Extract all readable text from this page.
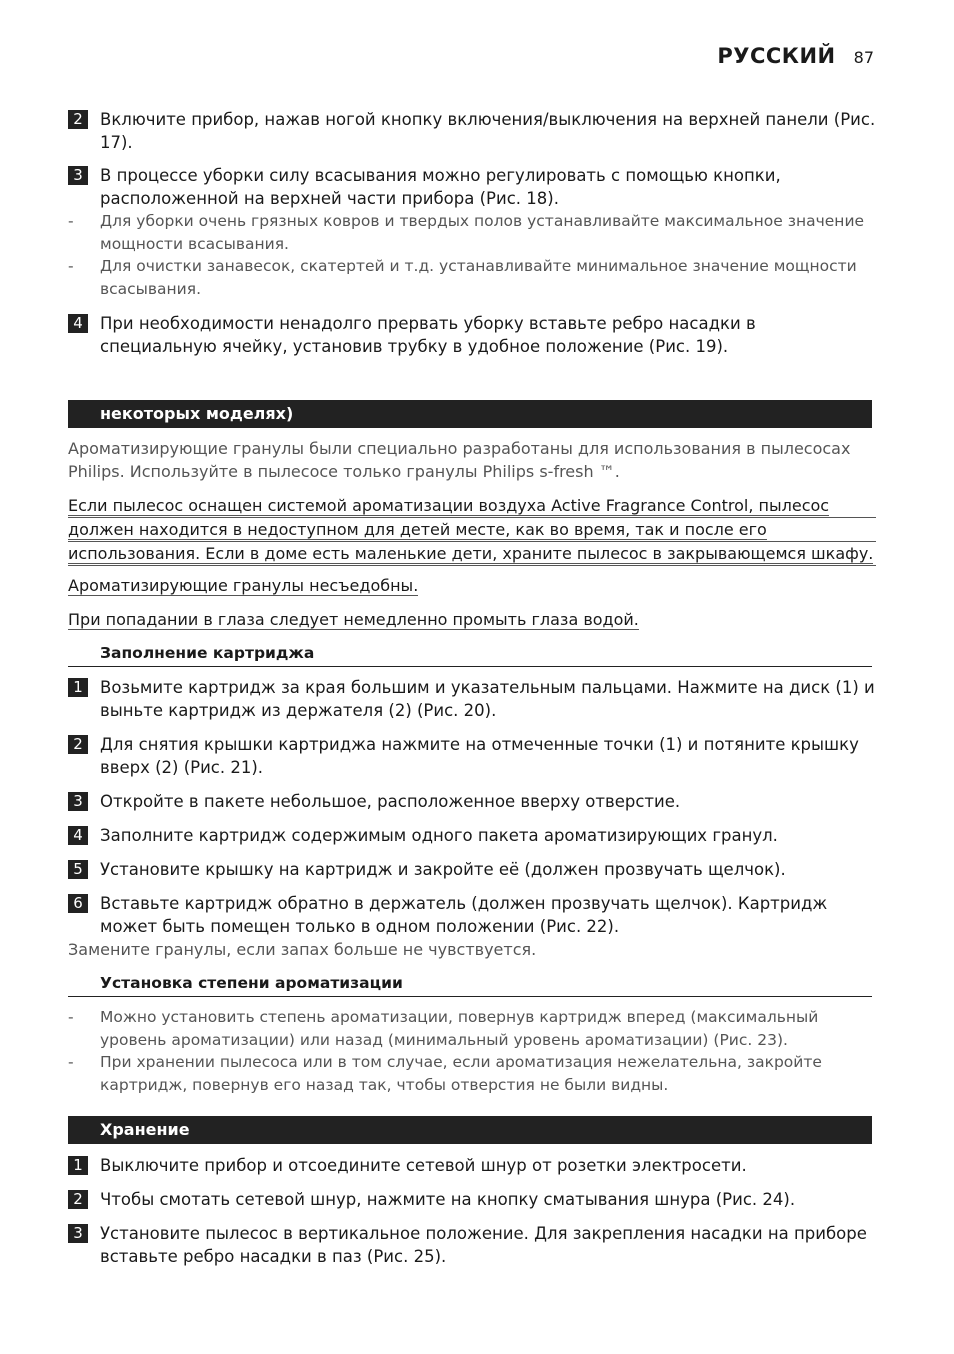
РУССКИЙ 87
2	Включите прибор, нажав ногой кнопку включения/выключения на верхней панели (Рис. 17).
3	В процессе уборки силу всасывания можно регулировать с помощью кнопки, расположенной на верхней части прибора (Рис. 18).
-	Для уборки очень грязных ковров и твердых полов устанавливайте максимальное значение мощности всасывания.
-	Для очистки занавесок, скатертей и т.д. устанавливайте минимальное значение мощности всасывания.
4	При необходимости ненадолго прервать уборку вставьте ребро насадки в специальную ячейку, установив трубку в удобное положение (Рис. 19).
некоторых моделях)
Ароматизирующие гранулы были специально разработаны для использования в пылесосах Philips. Используйте в пылесосе только гранулы Philips s-fresh ™.
Если пылесос оснащен системой ароматизации воздуха Active Fragrance Control, пылесос
должен находится в недоступном для детей месте, как во время, так и после его
использования. Если в доме есть маленькие дети, храните пылесос в закрывающемся шкафу.
Ароматизирующие гранулы несъедобны.
При попадании в глаза следует немедленно промыть глаза водой.
Заполнение картриджа
1	Возьмите картридж за края большим и указательным пальцами. Нажмите на диск (1) и выньте картридж из держателя (2) (Рис. 20).
2	Для снятия крышки картриджа нажмите на отмеченные точки (1) и потяните крышку вверх (2) (Рис. 21).
3	Откройте в пакете небольшое, расположенное вверху отверстие.
4	Заполните картридж содержимым одного пакета ароматизирующих гранул.
5	Установите крышку на картридж и закройте её (должен прозвучать щелчок).
6	Вставьте картридж обратно в держатель (должен прозвучать щелчок). Картридж может быть помещен только в одном положении (Рис. 22).
Замените гранулы, если запах больше не чувствуется.
Установка степени ароматизации
-	Можно установить степень ароматизации, повернув картридж вперед (максимальный уровень ароматизации) или назад (минимальный уровень ароматизации) (Рис. 23).
-	При хранении пылесоса или в том случае, если ароматизация нежелательна, закройте картридж, повернув его назад так, чтобы отверстия не были видны.
Хранение
1	Выключите прибор и отсоедините сетевой шнур от розетки электросети.
2	Чтобы смотать сетевой шнур, нажмите на кнопку сматывания шнура (Рис. 24).
3	Установите пылесос в вертикальное положение. Для закрепления насадки на приборе вставьте ребро насадки в паз (Рис. 25).
